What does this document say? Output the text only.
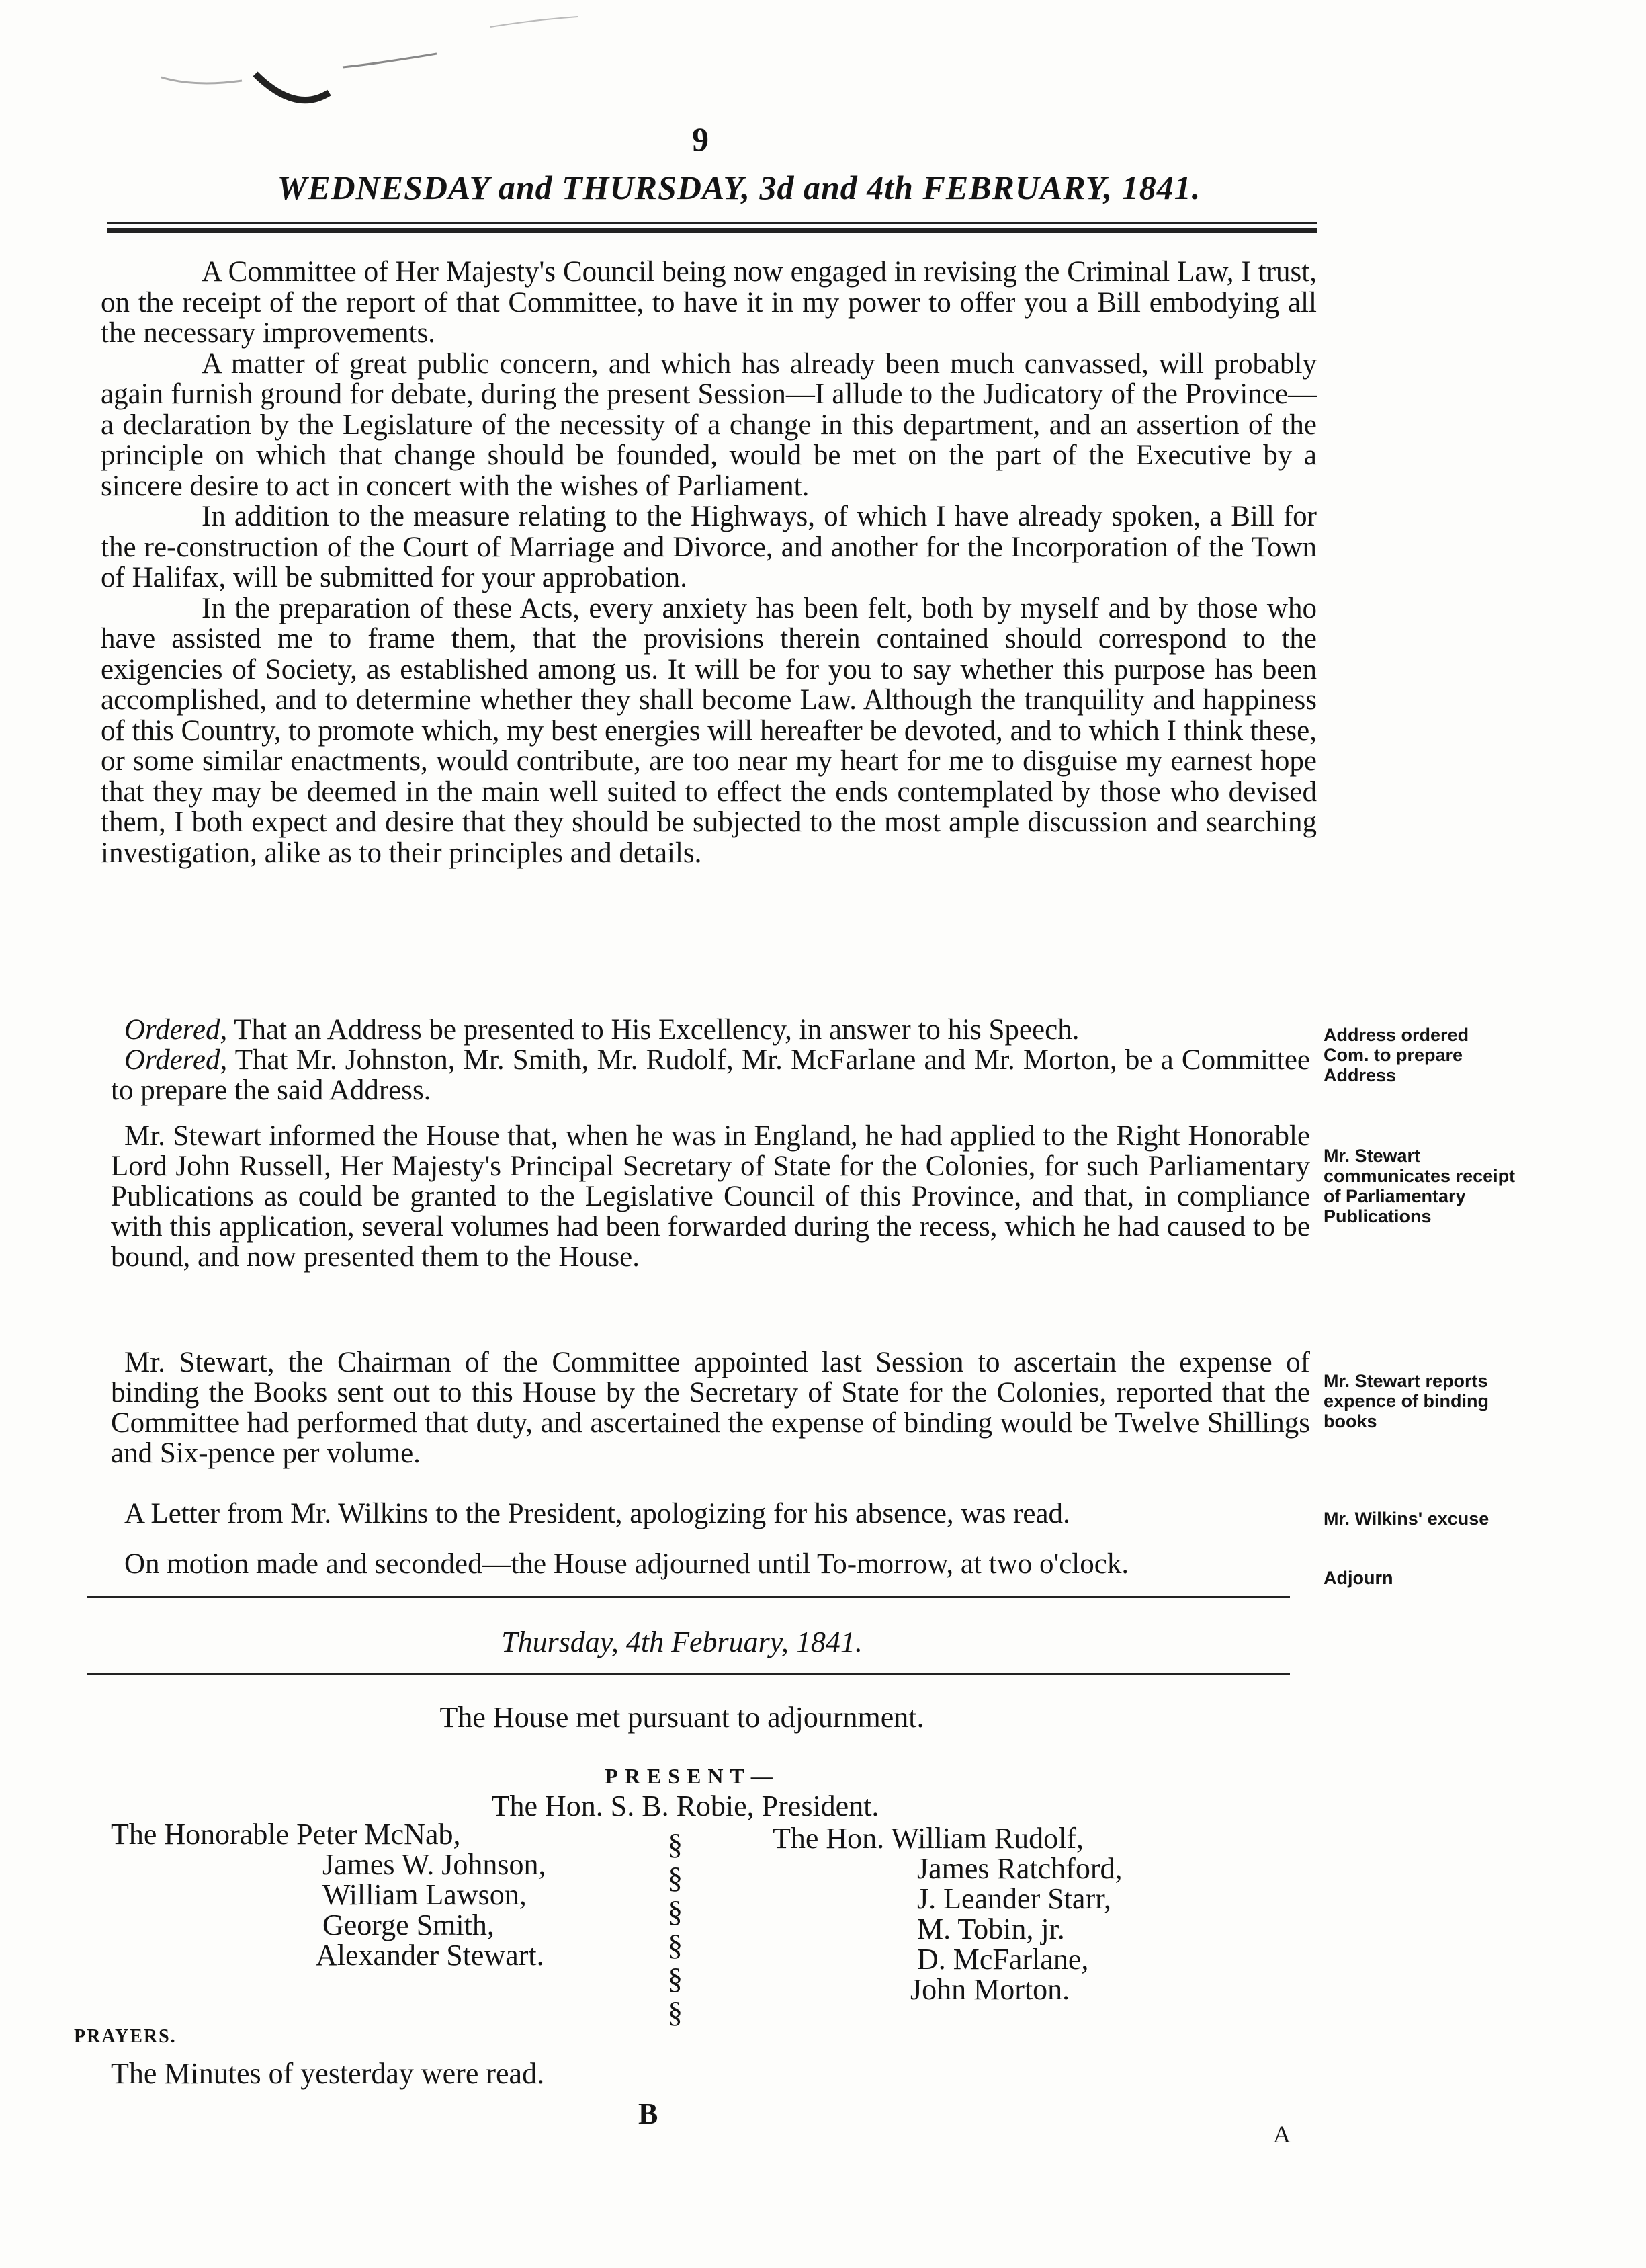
9
WEDNESDAY and THURSDAY, 3d and 4th FEBRUARY, 1841.

A Committee of Her Majesty's Council being now engaged in revising the Criminal Law, I trust, on the receipt of the report of that Committee, to have it in my power to offer you a Bill embodying all the necessary improvements.

A matter of great public concern, and which has already been much canvassed, will probably again furnish ground for debate, during the present Session—I allude to the Judicatory of the Province—a declaration by the Legislature of the necessity of a change in this department, and an assertion of the principle on which that change should be founded, would be met on the part of the Executive by a sincere desire to act in concert with the wishes of Parliament.

In addition to the measure relating to the Highways, of which I have already spoken, a Bill for the re-construction of the Court of Marriage and Divorce, and another for the Incorporation of the Town of Halifax, will be submitted for your approbation.

In the preparation of these Acts, every anxiety has been felt, both by myself and by those who have assisted me to frame them, that the provisions therein contained should correspond to the exigencies of Society, as established among us. It will be for you to say whether this purpose has been accomplished, and to determine whether they shall become Law. Although the tranquility and happiness of this Country, to promote which, my best energies will hereafter be devoted, and to which I think these, or some similar enactments, would contribute, are too near my heart for me to disguise my earnest hope that they may be deemed in the main well suited to effect the ends contemplated by those who devised them, I both expect and desire that they should be subjected to the most ample discussion and searching investigation, alike as to their principles and details.

Ordered, That an Address be presented to His Excellency, in answer to his Speech.

Ordered, That Mr. Johnston, Mr. Smith, Mr. Rudolf, Mr. McFarlane and Mr. Morton, be a Committee to prepare the said Address.

Address ordered Com. to prepare Address

Mr. Stewart informed the House that, when he was in England, he had applied to the Right Honorable Lord John Russell, Her Majesty's Principal Secretary of State for the Colonies, for such Parliamentary Publications as could be granted to the Legislative Council of this Province, and that, in compliance with this application, several volumes had been forwarded during the recess, which he had caused to be bound, and now presented them to the House.

Mr. Stewart communicates receipt of Parliamentary Publications

Mr. Stewart, the Chairman of the Committee appointed last Session to ascertain the expense of binding the Books sent out to this House by the Secretary of State for the Colonies, reported that the Committee had performed that duty, and ascertained the expense of binding would be Twelve Shillings and Six-pence per volume.

Mr. Stewart reports expence of binding books

A Letter from Mr. Wilkins to the President, apologizing for his absence, was read.	Mr. Wilkins' excuse

On motion made and seconded—the House adjourned until To-morrow, at two o'clock.	Adjourn
Thursday, 4th February, 1841.
The House met pursuant to adjournment.
PRESENT—
The Hon. S. B. Robie, President.
The Honorable Peter McNab,
James W. Johnson,
William Lawson,
George Smith,
Alexander Stewart.
§ § § § § §
The Hon. William Rudolf,
James Ratchford,
J. Leander Starr,
M. Tobin, jr.
D. McFarlane,
John Morton.
PRAYERS.
The Minutes of yesterday were read.
B
A
